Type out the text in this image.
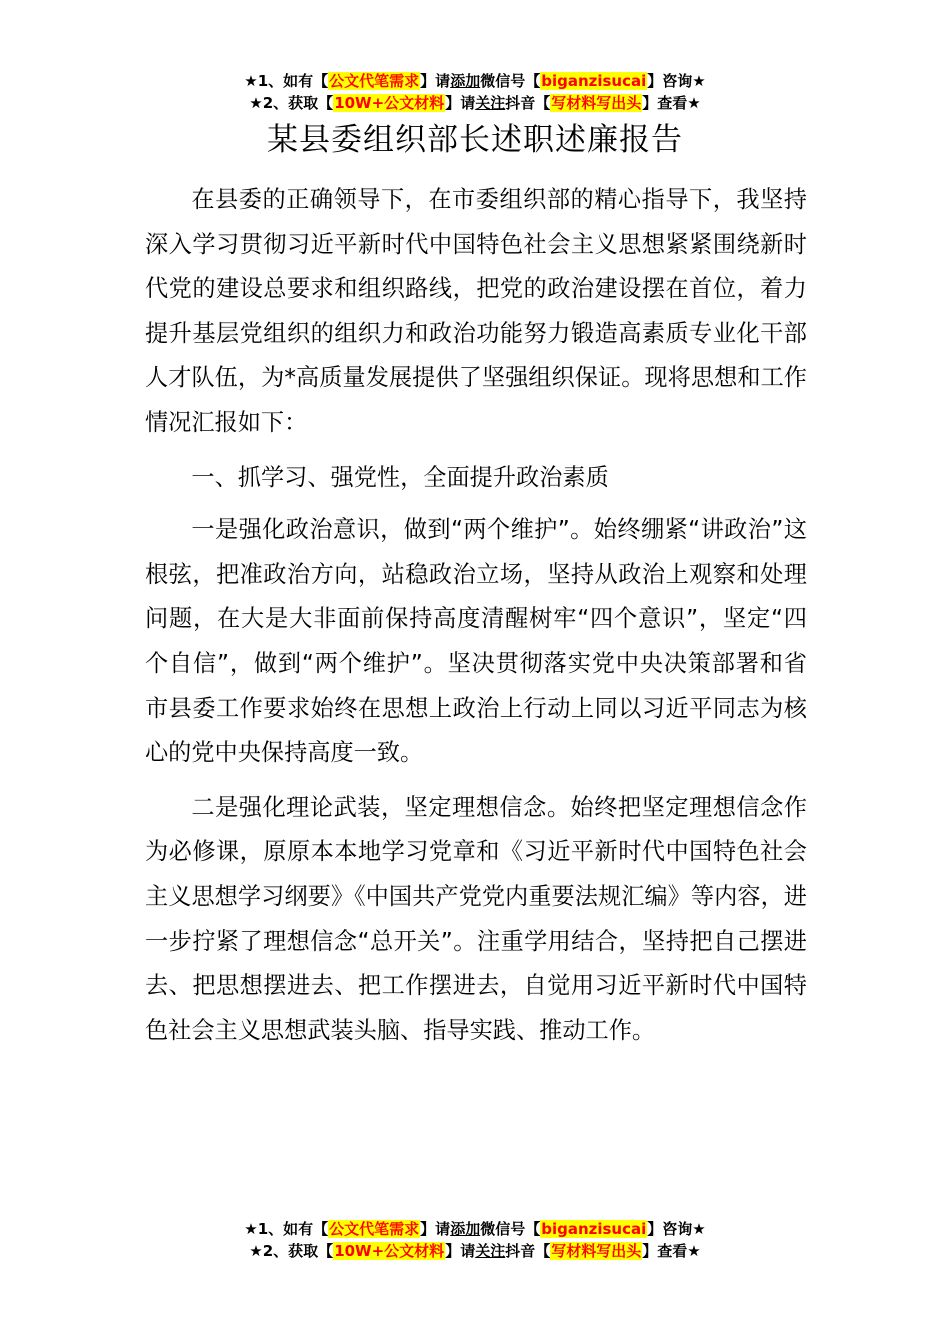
★1、如有【公文代笔需求】请添加微信号【biganzisucai】咨询★
★2、获取【10W+公文材料】请关注抖音【写材料写出头】查看★
某县委组织部长述职述廉报告

在县委的正确领导下，在市委组织部的精心指导下，我坚持深入学习贯彻习近平新时代中国特色社会主义思想紧紧围绕新时代党的建设总要求和组织路线，把党的政治建设摆在首位，着力提升基层党组织的组织力和政治功能努力锻造高素质专业化干部人才队伍，为*高质量发展提供了坚强组织保证。现将思想和工作情况汇报如下：

一、抓学习、强党性，全面提升政治素质

一是强化政治意识，做到“两个维护”。始终绷紧“讲政治”这根弦，把准政治方向，站稳政治立场，坚持从政治上观察和处理问题，在大是大非面前保持高度清醒树牢“四个意识”，坚定“四个自信”，做到“两个维护”。坚决贯彻落实党中央决策部署和省市县委工作要求始终在思想上政治上行动上同以习近平同志为核心的党中央保持高度一致。

二是强化理论武装，坚定理想信念。始终把坚定理想信念作为必修课，原原本本地学习党章和《习近平新时代中国特色社会主义思想学习纲要》《中国共产党党内重要法规汇编》等内容，进一步拧紧了理想信念“总开关”。注重学用结合，坚持把自己摆进去、把思想摆进去、把工作摆进去，自觉用习近平新时代中国特色社会主义思想武装头脑、指导实践、推动工作。

★1、如有【公文代笔需求】请添加微信号【biganzisucai】咨询★
★2、获取【10W+公文材料】请关注抖音【写材料写出头】查看★
